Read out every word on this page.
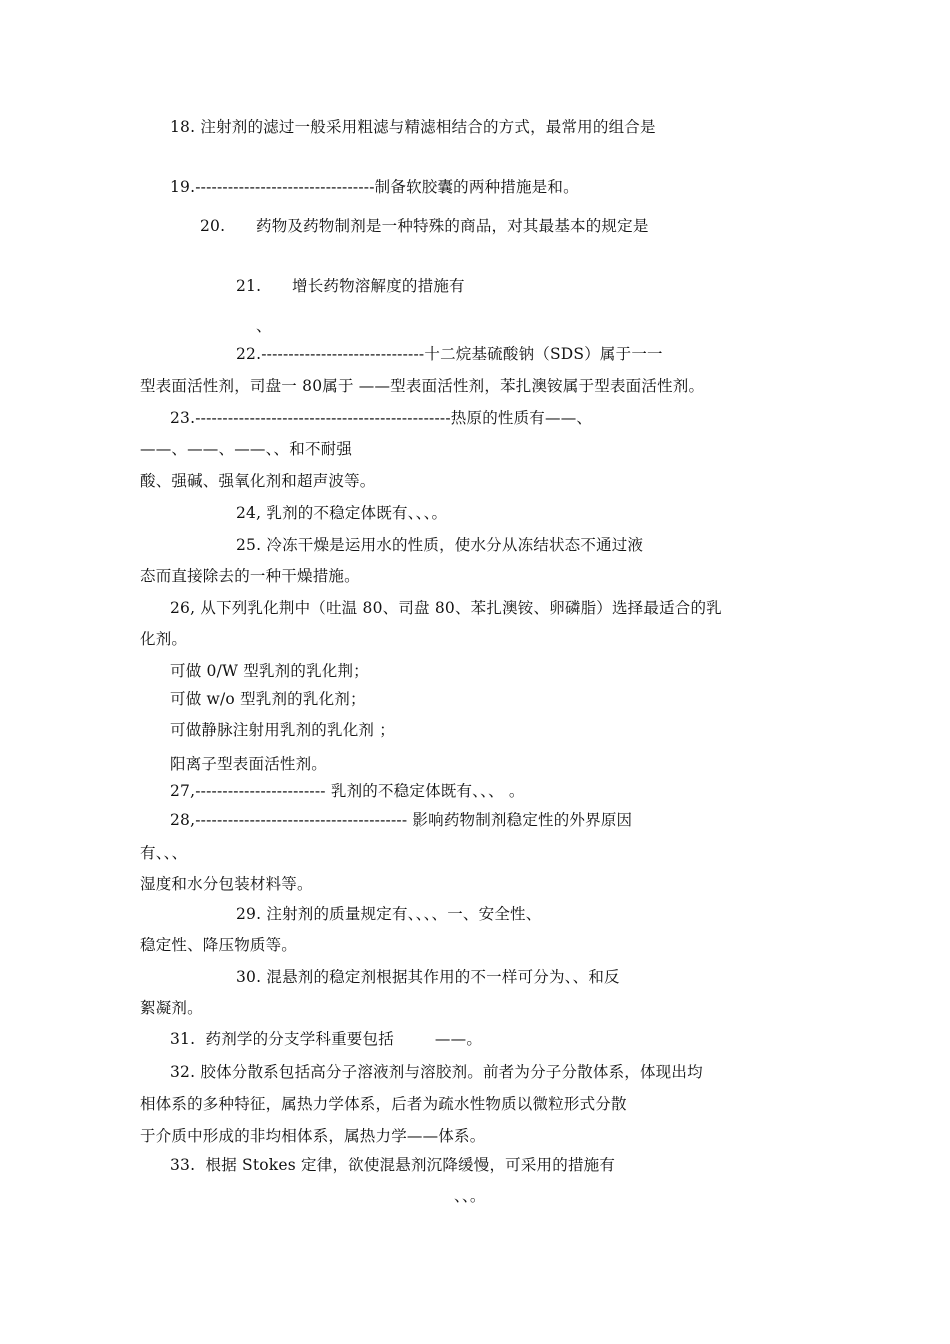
18. 注射剂的滤过一般采用粗滤与精滤相结合的方式，最常用的组合是
19.---------------------------------制备软胶囊的两种措施是和。
20.      药物及药物制剂是一种特殊的商品，对其最基本的规定是
21.      增长药物溶解度的措施有
、
22.------------------------------十二烷基硫酸钠（SDS）属于一一
型表面活性剂，司盘一 80属于 ——型表面活性剂，苯扎澳铵属于型表面活性剂。
23.-----------------------------------------------热原的性质有——、
——、——、——、、和不耐强
酸、强碱、强氧化剂和超声波等。
24, 乳剂的不稳定体既有、、、。
25. 冷冻干燥是运用水的性质，使水分从冻结状态不通过液
态而直接除去的一种干燥措施。
26, 从下列乳化荆中（吐温 80、司盘 80、苯扎澳铵、卵磷脂）选择最适合的乳
化剂。
可做 0/W 型乳剂的乳化荆；
可做 w/o 型乳剂的乳化剂；
可做静脉注射用乳剂的乳化剂 ；
阳离子型表面活性剂。
27,------------------------ 乳剂的不稳定体既有、、、 。
28,--------------------------------------- 影响药物制剂稳定性的外界原因
有、、、
湿度和水分包装材料等。
29. 注射剂的质量规定有、、、、一、安全性、
稳定性、降压物质等。
30. 混悬剂的稳定剂根据其作用的不一样可分为、、和反
絮凝剂。
31.  药剂学的分支学科重要包括        ——。
32. 胶体分散系包括高分子溶液剂与溶胶剂。前者为分子分散体系，体现出均
相体系的多种特征，属热力学体系，后者为疏水性物质以微粒形式分散
于介质中形成的非均相体系，属热力学——体系。
33.  根据 Stokes 定律，欲使混悬剂沉降缓慢，可采用的措施有
、、。
